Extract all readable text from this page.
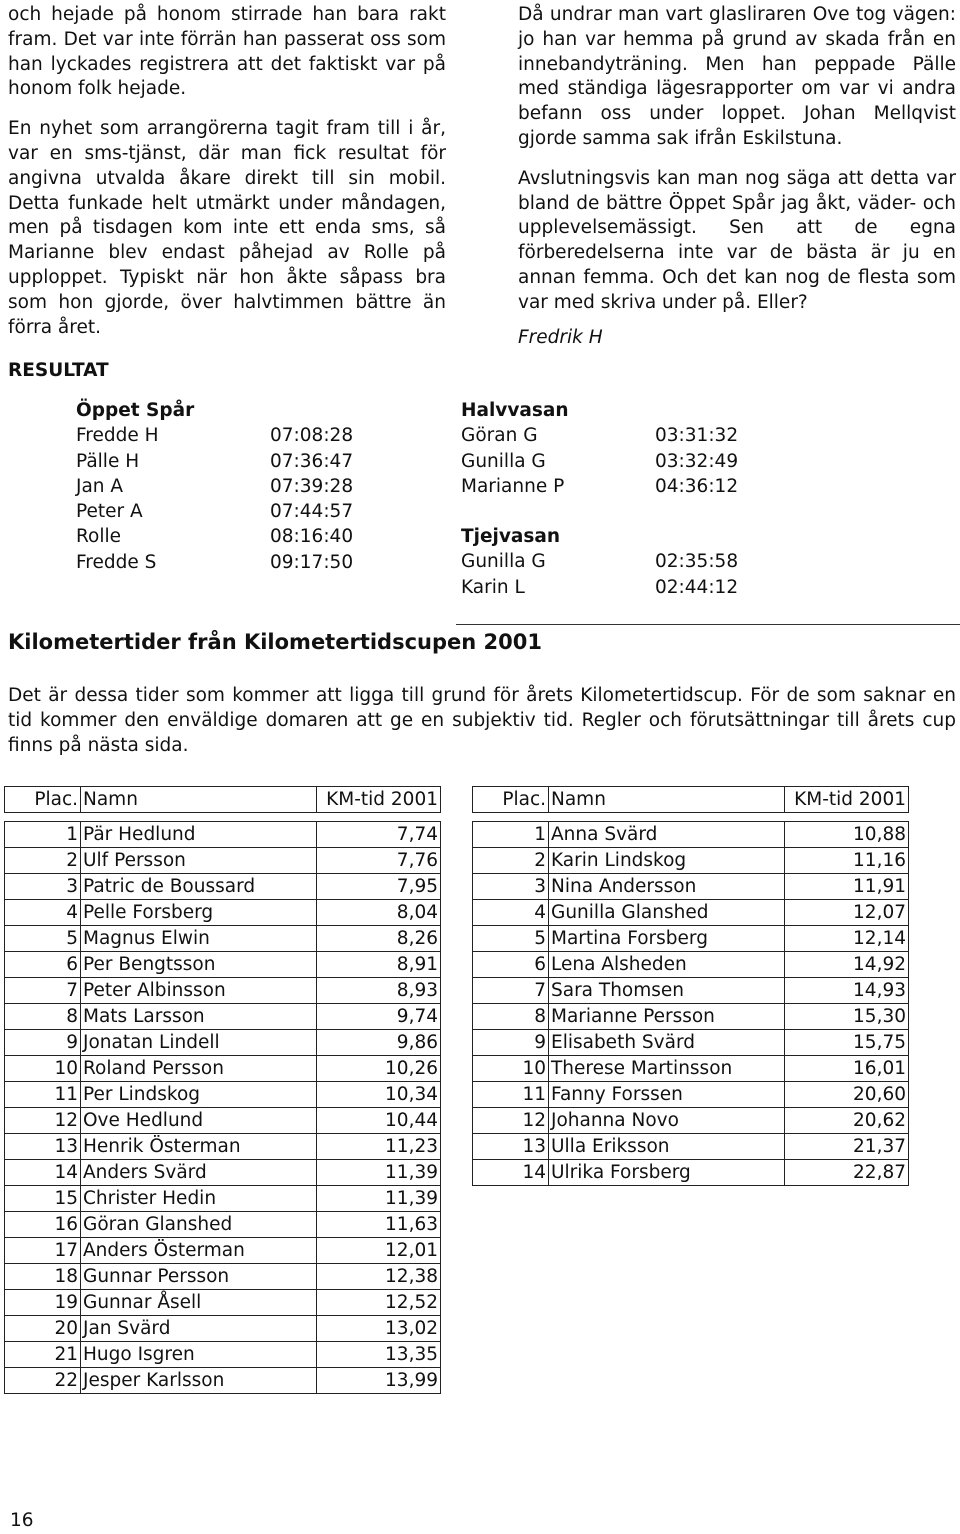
och hejade på honom stirrade han bara rakt fram. Det var inte förrän han passerat oss som han lyckades registrera att det faktiskt var på honom folk hejade.

En nyhet som arrangörerna tagit fram till i år, var en sms-tjänst, där man fick resultat för angivna utvalda åkare direkt till sin mobil. Detta funkade helt utmärkt under måndagen, men på tisdagen kom inte ett enda sms, så Marianne blev endast påhejad av Rolle på upploppet. Typiskt när hon åkte såpass bra som hon gjorde, över halvtimmen bättre än förra året.

Då undrar man vart glasliraren Ove tog vägen: jo han var hemma på grund av skada från en innebandyträning. Men han peppade Pälle med ständiga lägesrapporter om var vi andra befann oss under loppet. Johan Mellqvist gjorde samma sak ifrån Eskilstuna.

Avslutningsvis kan man nog säga att detta var bland de bättre Öppet Spår jag åkt, väder- och upplevelsemässigt. Sen att de egna förberedelserna inte var de bästa är ju en annan femma. Och det kan nog de flesta som var med skriva under på. Eller?

Fredrik H

RESULTAT
Öppet Spår
Fredde H	07:08:28
Pälle H	07:36:47
Jan A	07:39:28
Peter A	07:44:57
Rolle	08:16:40
Fredde S	09:17:50
Halvvasan
Göran G	03:31:32
Gunilla G	03:32:49
Marianne P	04:36:12
Tjejvasan
Gunilla G	02:35:58
Karin L	02:44:12
Kilometertider från Kilometertidscupen 2001

Det är dessa tider som kommer att ligga till grund för årets Kilometertidscup. För de som saknar en tid kommer den enväldige domaren att ge en subjektiv tid. Regler och förutsättningar till årets cup finns på nästa sida.

Plac.	Namn	KM-tid 2001

1	Pär Hedlund	7,74
2	Ulf Persson	7,76
3	Patric de Boussard	7,95
4	Pelle Forsberg	8,04
5	Magnus Elwin	8,26
6	Per Bengtsson	8,91
7	Peter Albinsson	8,93
8	Mats Larsson	9,74
9	Jonatan Lindell	9,86
10	Roland Persson	10,26
11	Per Lindskog	10,34
12	Ove Hedlund	10,44
13	Henrik Österman	11,23
14	Anders Svärd	11,39
15	Christer Hedin	11,39
16	Göran Glanshed	11,63
17	Anders Österman	12,01
18	Gunnar Persson	12,38
19	Gunnar Åsell	12,52
20	Jan Svärd	13,02
21	Hugo Isgren	13,35
22	Jesper Karlsson	13,99
Plac.	Namn	KM-tid 2001

1	Anna Svärd	10,88
2	Karin Lindskog	11,16
3	Nina Andersson	11,91
4	Gunilla Glanshed	12,07
5	Martina Forsberg	12,14
6	Lena Alsheden	14,92
7	Sara Thomsen	14,93
8	Marianne Persson	15,30
9	Elisabeth Svärd	15,75
10	Therese Martinsson	16,01
11	Fanny Forssen	20,60
12	Johanna Novo	20,62
13	Ulla Eriksson	21,37
14	Ulrika Forsberg	22,87
16
